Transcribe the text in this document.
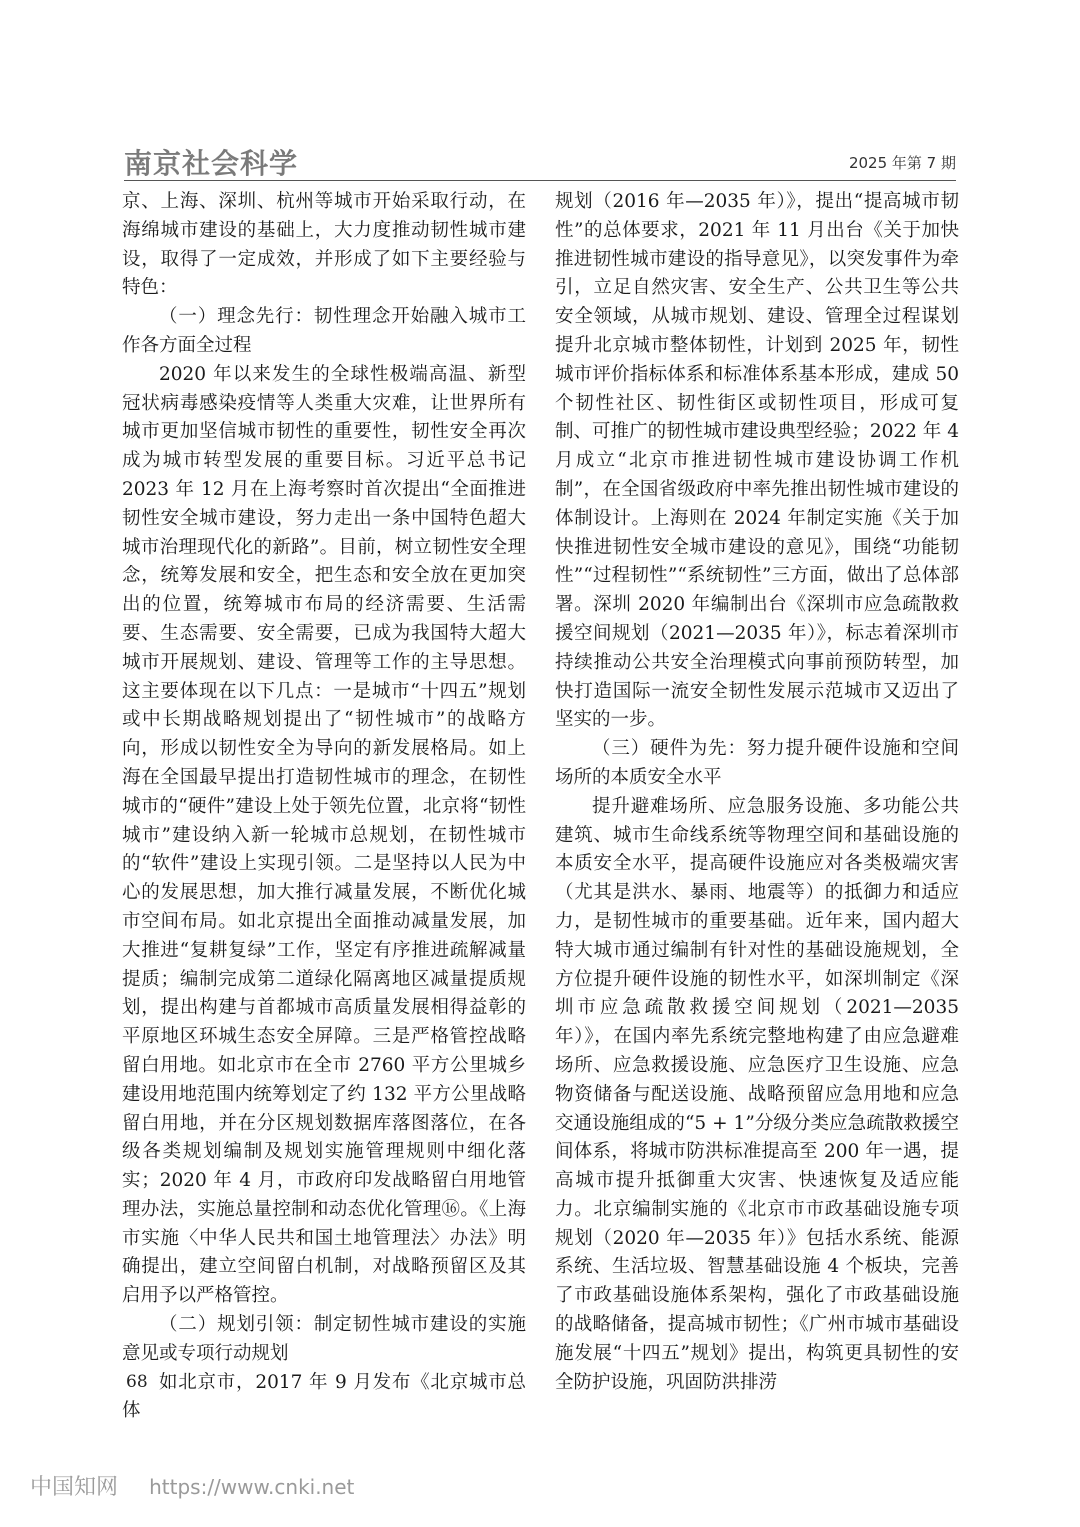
南京社会科学	2025 年第 7 期

京、上海、深圳、杭州等城市开始采取行动，在海绵城市建设的基础上，大力度推动韧性城市建设，取得了一定成效，并形成了如下主要经验与特色：

（一）理念先行：韧性理念开始融入城市工作各方面全过程

2020 年以来发生的全球性极端高温、新型冠状病毒感染疫情等人类重大灾难，让世界所有城市更加坚信城市韧性的重要性，韧性安全再次成为城市转型发展的重要目标。习近平总书记 2023 年 12 月在上海考察时首次提出“全面推进韧性安全城市建设，努力走出一条中国特色超大城市治理现代化的新路”。目前，树立韧性安全理念，统筹发展和安全，把生态和安全放在更加突出的位置，统筹城市布局的经济需要、生活需要、生态需要、安全需要，已成为我国特大超大城市开展规划、建设、管理等工作的主导思想。这主要体现在以下几点：一是城市“十四五”规划或中长期战略规划提出了“韧性城市”的战略方向，形成以韧性安全为导向的新发展格局。如上海在全国最早提出打造韧性城市的理念，在韧性城市的“硬件”建设上处于领先位置，北京将“韧性城市”建设纳入新一轮城市总规划，在韧性城市的“软件”建设上实现引领。二是坚持以人民为中心的发展思想，加大推行减量发展，不断优化城市空间布局。如北京提出全面推动减量发展，加大推进“复耕复绿”工作，坚定有序推进疏解减量提质；编制完成第二道绿化隔离地区减量提质规划，提出构建与首都城市高质量发展相得益彰的平原地区环城生态安全屏障。三是严格管控战略留白用地。如北京市在全市 2760 平方公里城乡建设用地范围内统筹划定了约 132 平方公里战略留白用地，并在分区规划数据库落图落位，在各级各类规划编制及规划实施管理规则中细化落实；2020 年 4 月，市政府印发战略留白用地管理办法，实施总量控制和动态优化管理⑯。《上海市实施〈中华人民共和国土地管理法〉办法》明确提出，建立空间留白机制，对战略预留区及其启用予以严格管控。

（二）规划引领：制定韧性城市建设的实施意见或专项行动规划

如北京市，2017 年 9 月发布《北京城市总体

规划（2016 年—2035 年）》，提出“提高城市韧性”的总体要求，2021 年 11 月出台《关于加快推进韧性城市建设的指导意见》，以突发事件为牵引，立足自然灾害、安全生产、公共卫生等公共安全领域，从城市规划、建设、管理全过程谋划提升北京城市整体韧性，计划到 2025 年，韧性城市评价指标体系和标准体系基本形成，建成 50 个韧性社区、韧性街区或韧性项目，形成可复制、可推广的韧性城市建设典型经验；2022 年 4 月成立“北京市推进韧性城市建设协调工作机制”，在全国省级政府中率先推出韧性城市建设的体制设计。上海则在 2024 年制定实施《关于加快推进韧性安全城市建设的意见》，围绕“功能韧性”“过程韧性”“系统韧性”三方面，做出了总体部署。深圳 2020 年编制出台《深圳市应急疏散救援空间规划（2021—2035 年）》，标志着深圳市持续推动公共安全治理模式向事前预防转型，加快打造国际一流安全韧性发展示范城市又迈出了坚实的一步。

（三）硬件为先：努力提升硬件设施和空间场所的本质安全水平

提升避难场所、应急服务设施、多功能公共建筑、城市生命线系统等物理空间和基础设施的本质安全水平，提高硬件设施应对各类极端灾害（尤其是洪水、暴雨、地震等）的抵御力和适应力，是韧性城市的重要基础。近年来，国内超大特大城市通过编制有针对性的基础设施规划，全方位提升硬件设施的韧性水平，如深圳制定《深圳市应急疏散救援空间规划（2021—2035 年）》，在国内率先系统完整地构建了由应急避难场所、应急救援设施、应急医疗卫生设施、应急物资储备与配送设施、战略预留应急用地和应急交通设施组成的“5 + 1”分级分类应急疏散救援空间体系，将城市防洪标准提高至 200 年一遇，提高城市提升抵御重大灾害、快速恢复及适应能力。北京编制实施的《北京市市政基础设施专项规划（2020 年—2035 年）》包括水系统、能源系统、生活垃圾、智慧基础设施 4 个板块，完善了市政基础设施体系架构，强化了市政基础设施的战略储备，提高城市韧性；《广州市城市基础设施发展“十四五”规划》提出，构筑更具韧性的安全防护设施，巩固防洪排涝

68
中国知网 https://www.cnki.net
